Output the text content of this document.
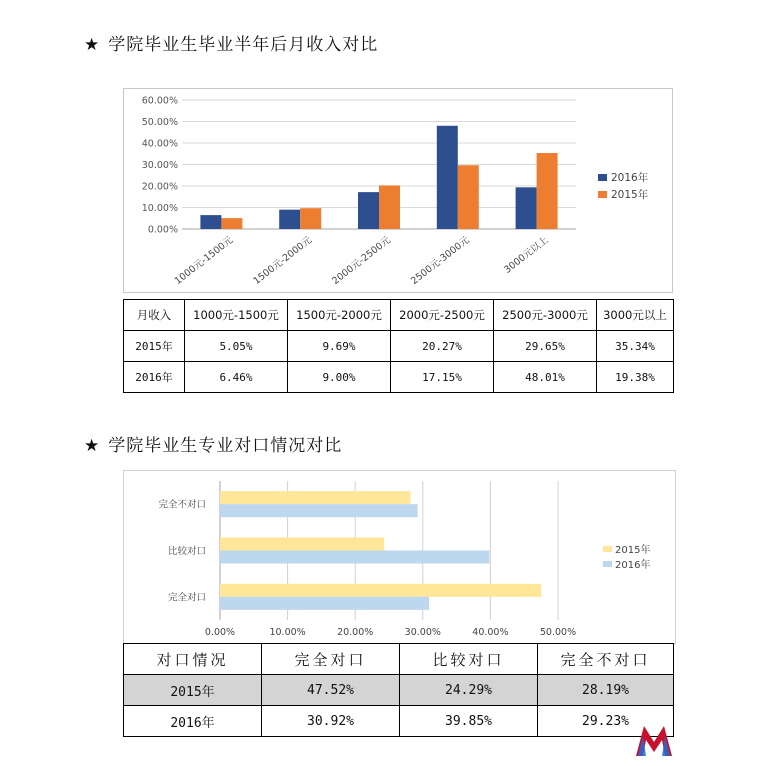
★ 学院毕业生毕业半年后月收入对比
0.00%
10.00%
20.00%
30.00%
40.00%
50.00%
60.00%
1000元-1500元 1500元-2000元 2000元-2500元 2500元-3000元	3000元以上
2016年
2015年
月收入	1000元-1500元	1500元-2000元	2000元-2500元	2500元-3000元	3000元以上
2015年	5.05%	9.69%	20.27%	29.65%	35.34%
2016年	6.46%	9.00%	17.15%	48.01%	19.38%
★ 学院毕业生专业对口情况对比
0.00%	10.00%	20.00%	30.00%	40.00%	50.00%
完全不对口
比较对口
完全对口
2015年
2016年
对口情况	完全对口	比较对口	完全不对口
2015年	47.52%	24.29%	28.19%
2016年	30.92%	39.85%	29.23%
